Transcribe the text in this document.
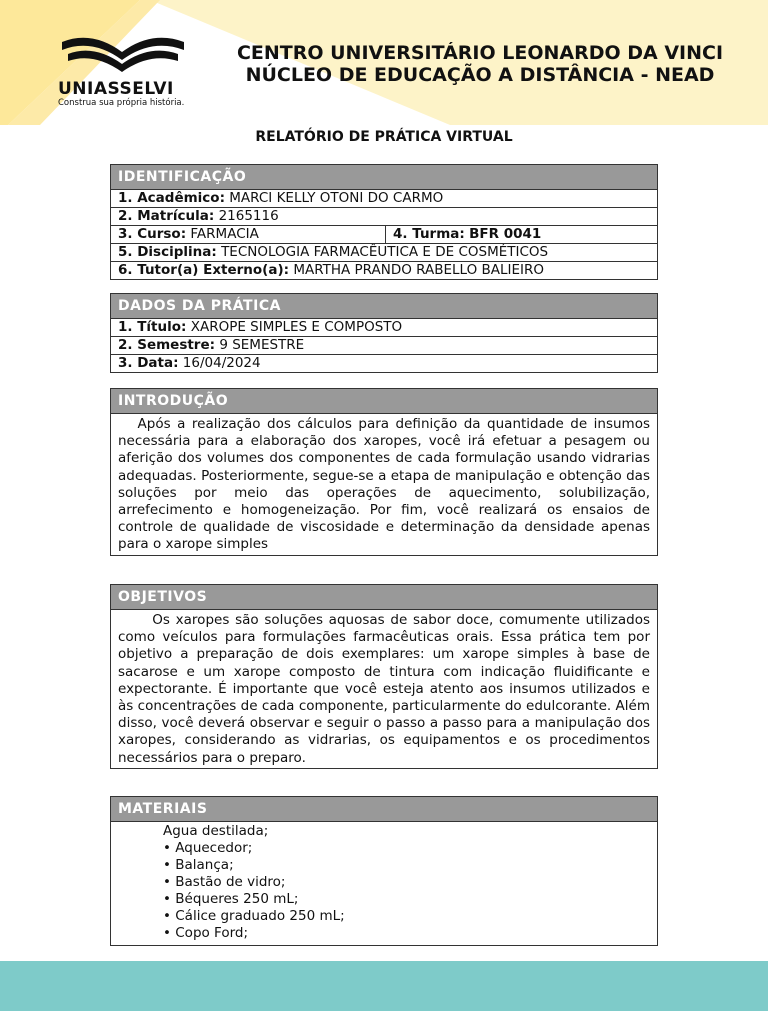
UNIASSELVI
Construa sua própria história.
CENTRO UNIVERSITÁRIO LEONARDO DA VINCI
NÚCLEO DE EDUCAÇÃO A DISTÂNCIA - NEAD
RELATÓRIO DE PRÁTICA VIRTUAL
IDENTIFICAÇÃO
1. Acadêmico: MARCI KELLY OTONI DO CARMO
2. Matrícula: 2165116
3. Curso: FARMACIA	4. Turma: BFR 0041
5. Disciplina: TECNOLOGIA FARMACÊUTICA E DE COSMÉTICOS
6. Tutor(a) Externo(a): MARTHA PRANDO RABELLO BALIEIRO
DADOS DA PRÁTICA
1. Título: XAROPE SIMPLES E COMPOSTO
2. Semestre: 9 SEMESTRE
3. Data: 16/04/2024
INTRODUÇÃO
Após a realização dos cálculos para definição da quantidade de insumos necessária para a elaboração dos xaropes, você irá efetuar a pesagem ou aferição dos volumes dos componentes de cada formulação usando vidrarias adequadas. Posteriormente, segue-se a etapa de manipulação e obtenção das soluções por meio das operações de aquecimento, solubilização, arrefecimento e homogeneização. Por fim, você realizará os ensaios de controle de qualidade de viscosidade e determinação da densidade apenas para o xarope simples
OBJETIVOS
Os xaropes são soluções aquosas de sabor doce, comumente utilizados como veículos para formulações farmacêuticas orais. Essa prática tem por objetivo a preparação de dois exemplares: um xarope simples à base de sacarose e um xarope composto de tintura com indicação fluidificante e expectorante. É importante que você esteja atento aos insumos utilizados e às concentrações de cada componente, particularmente do edulcorante. Além disso, você deverá observar e seguir o passo a passo para a manipulação dos xaropes, considerando as vidrarias, os equipamentos e os procedimentos necessários para o preparo.
MATERIAIS
Agua destilada;
• Aquecedor;
• Balança;
• Bastão de vidro;
• Béqueres 250 mL;
• Cálice graduado 250 mL;
• Copo Ford;
